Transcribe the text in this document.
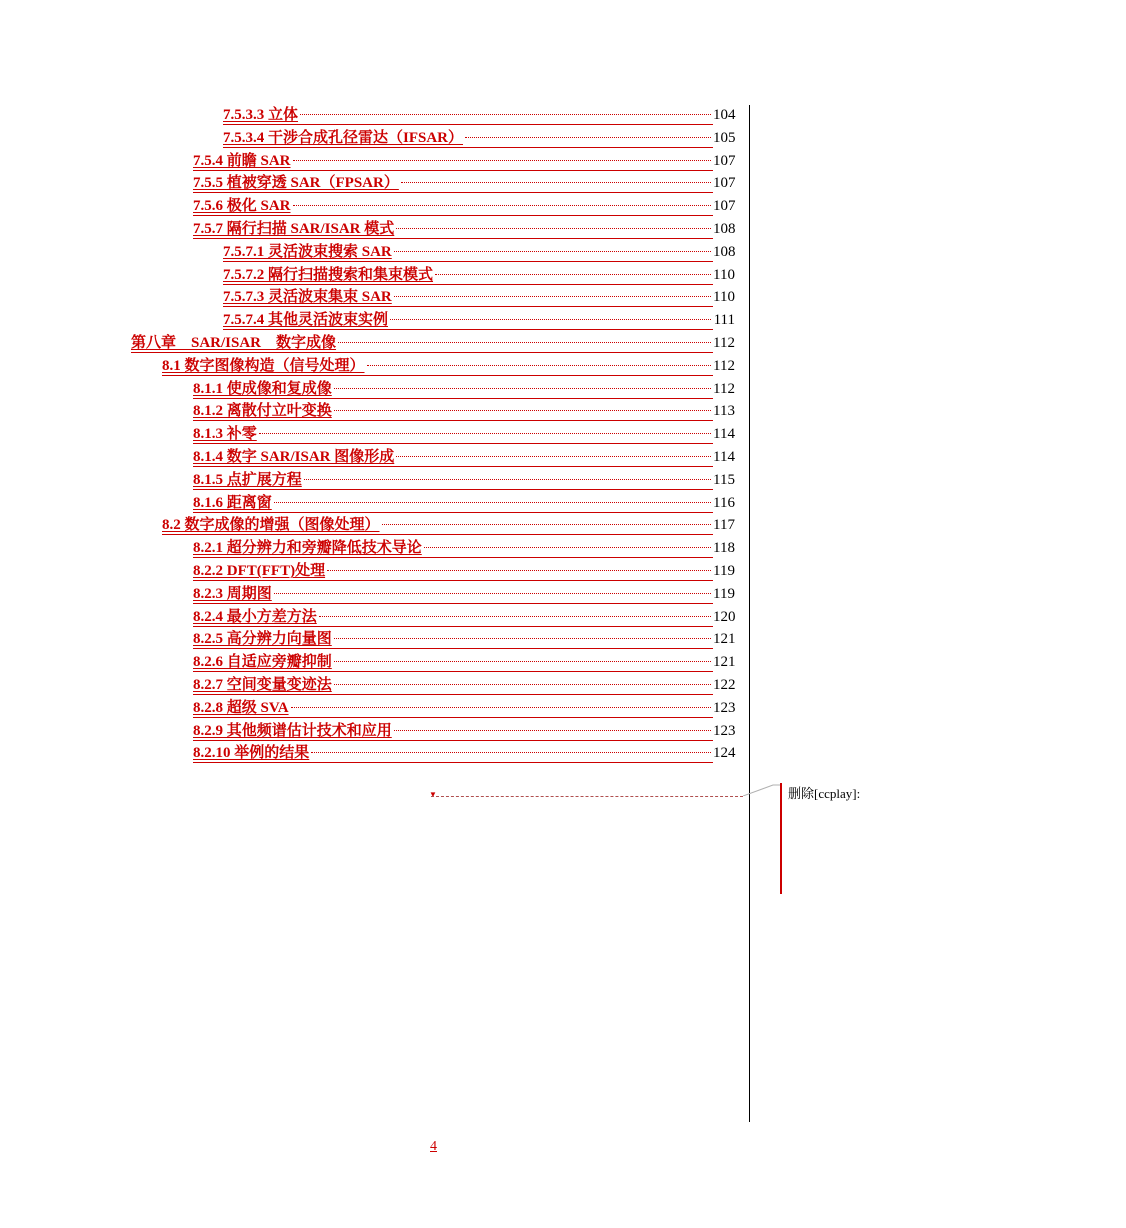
7.5.3.3 立体	104
7.5.3.4 干涉合成孔径雷达（IFSAR）	105
7.5.4 前瞻 SAR	107
7.5.5 植被穿透 SAR（FPSAR）	107
7.5.6 极化 SAR	107
7.5.7 隔行扫描 SAR/ISAR 模式	108
7.5.7.1 灵活波束搜索 SAR	108
7.5.7.2 隔行扫描搜索和集束模式	110
7.5.7.3 灵活波束集束 SAR	110
7.5.7.4 其他灵活波束实例	111
第八章　SAR/ISAR　数字成像	112
8.1 数字图像构造（信号处理）	112
8.1.1 使成像和复成像	112
8.1.2 离散付立叶变换	113
8.1.3 补零	114
8.1.4 数字 SAR/ISAR 图像形成	114
8.1.5 点扩展方程	115
8.1.6 距离窗	116
8.2 数字成像的增强（图像处理）	117
8.2.1 超分辨力和旁瓣降低技术导论	118
8.2.2 DFT(FFT)处理	119
8.2.3 周期图	119
8.2.4 最小方差方法	120
8.2.5 高分辨力向量图	121
8.2.6 自适应旁瓣抑制	121
8.2.7 空间变量变迹法	122
8.2.8 超级 SVA	123
8.2.9 其他频谱估计技术和应用	123
8.2.10 举例的结果	124
▼	删除[ccplay]:
4
